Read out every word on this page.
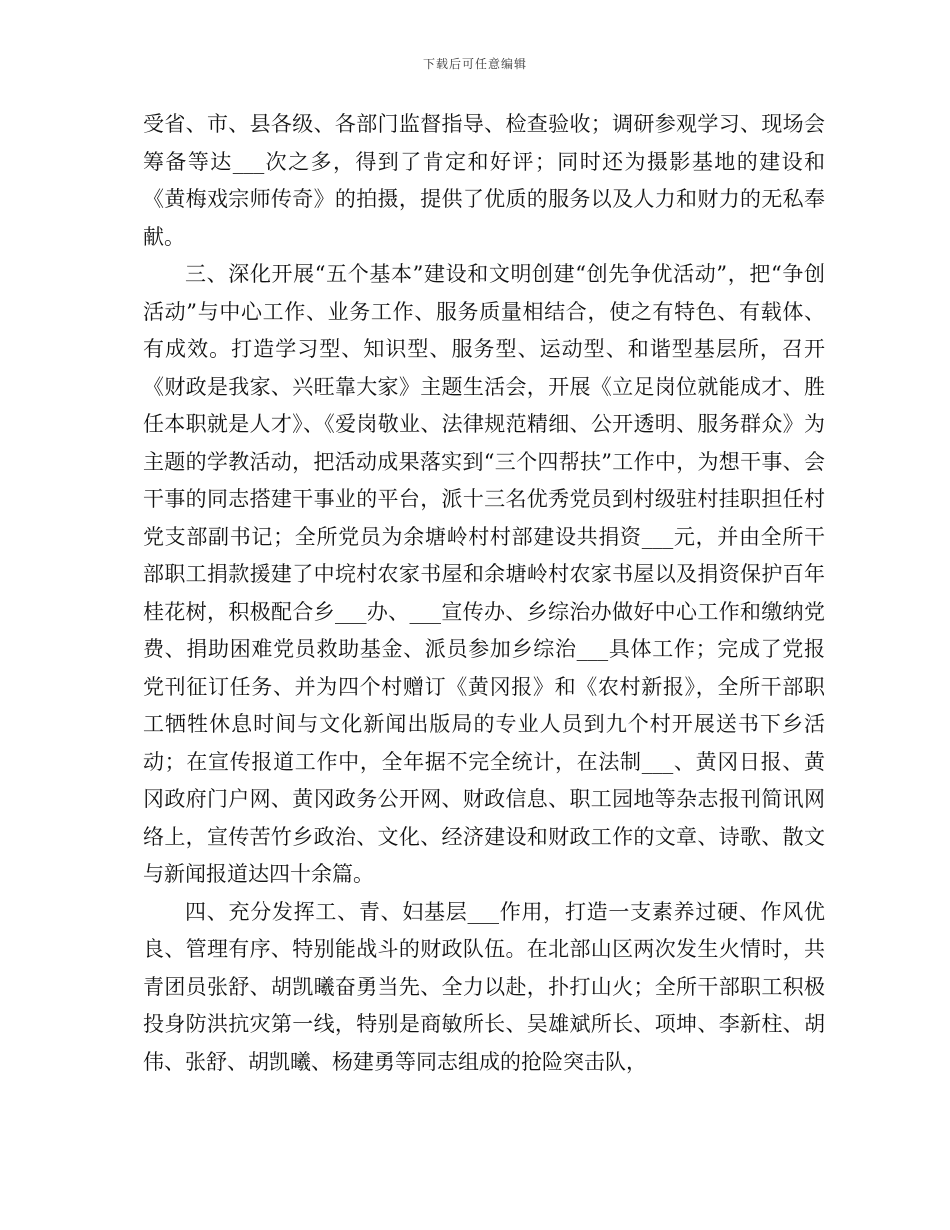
下载后可任意编辑

受省、市、县各级、各部门监督指导、检查验收；调研参观学习、现场会筹备等达___次之多，得到了肯定和好评；同时还为摄影基地的建设和《黄梅戏宗师传奇》的拍摄，提供了优质的服务以及人力和财力的无私奉献。

三、深化开展“五个基本”建设和文明创建“创先争优活动”，把“争创活动”与中心工作、业务工作、服务质量相结合，使之有特色、有载体、有成效。打造学习型、知识型、服务型、运动型、和谐型基层所，召开《财政是我家、兴旺靠大家》主题生活会，开展《立足岗位就能成才、胜任本职就是人才》、《爱岗敬业、法律规范精细、公开透明、服务群众》为主题的学教活动，把活动成果落实到“三个四帮扶”工作中，为想干事、会干事的同志搭建干事业的平台，派十三名优秀党员到村级驻村挂职担任村党支部副书记；全所党员为余塘岭村村部建设共捐资___元，并由全所干部职工捐款援建了中垸村农家书屋和余塘岭村农家书屋以及捐资保护百年桂花树，积极配合乡___办、___宣传办、乡综治办做好中心工作和缴纳党费、捐助困难党员救助基金、派员参加乡综治___具体工作；完成了党报党刊征订任务、并为四个村赠订《黄冈报》和《农村新报》，全所干部职工牺牲休息时间与文化新闻出版局的专业人员到九个村开展送书下乡活动；在宣传报道工作中，全年据不完全统计，在法制___、黄冈日报、黄冈政府门户网、黄冈政务公开网、财政信息、职工园地等杂志报刊简讯网络上，宣传苦竹乡政治、文化、经济建设和财政工作的文章、诗歌、散文与新闻报道达四十余篇。

四、充分发挥工、青、妇基层___作用，打造一支素养过硬、作风优良、管理有序、特别能战斗的财政队伍。在北部山区两次发生火情时，共青团员张舒、胡凯曦奋勇当先、全力以赴，扑打山火；全所干部职工积极投身防洪抗灾第一线，特别是商敏所长、吴雄斌所长、项坤、李新柱、胡伟、张舒、胡凯曦、杨建勇等同志组成的抢险突击队，
